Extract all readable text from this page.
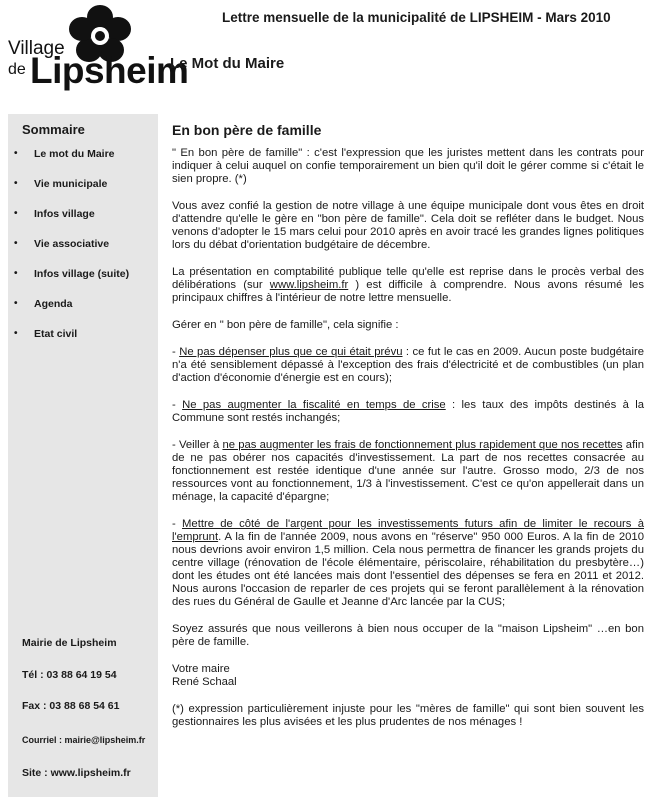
Village
de Lipsheim
Lettre mensuelle de la municipalité de LIPSHEIM - Mars 2010
Le Mot du Maire
Sommaire
•	Le mot du Maire
•	Vie municipale
•	Infos village
•	Vie associative
•	Infos village (suite)
•	Agenda
•	Etat civil
Mairie de Lipsheim
Tél : 03 88 64 19 54
Fax : 03 88 68 54 61
Courriel : mairie@lipsheim.fr
Site : www.lipsheim.fr
En bon père de famille

" En bon père de famille" : c'est l'expression que les juristes mettent dans les contrats pour indiquer à celui auquel on confie temporairement un bien qu'il doit le gérer comme si c'était le sien propre. (*)

Vous avez confié la gestion de notre village à une équipe municipale dont vous êtes en droit d'attendre qu'elle le gère en "bon père de famille". Cela doit se refléter dans le budget. Nous venons d'adopter le 15 mars celui pour 2010 après en avoir tracé les grandes lignes politiques lors du débat d'orientation budgétaire de décembre.

La présentation en comptabilité publique telle qu'elle est reprise dans le procès verbal des délibérations (sur www.lipsheim.fr ) est difficile à comprendre. Nous avons résumé les principaux chiffres à l'intérieur de notre lettre mensuelle.

Gérer en " bon père de famille", cela signifie :

- Ne pas dépenser plus que ce qui était prévu : ce fut le cas en 2009. Aucun poste budgétaire n'a été sensiblement dépassé à l'exception des frais d'électricité et de combustibles (un plan d'action d'économie d'énergie est en cours);
- Ne pas augmenter la fiscalité en temps de crise : les taux des impôts destinés à la Commune sont restés inchangés;
- Veiller à ne pas augmenter les frais de fonctionnement plus rapidement que nos recettes afin de ne pas obérer nos capacités d'investissement. La part de nos recettes consacrée au fonctionnement est restée identique d'une année sur l'autre. Grosso modo, 2/3 de nos ressources vont au fonctionnement, 1/3 à l'investissement. C'est ce qu'on appellerait dans un ménage, la capacité d'épargne;
- Mettre de côté de l'argent pour les investissements futurs afin de limiter le recours à l'emprunt. A la fin de l'année 2009, nous avons en "réserve" 950 000 Euros. A la fin de 2010 nous devrions avoir environ 1,5 million. Cela nous permettra de financer les grands projets du centre village (rénovation de l'école élémentaire, périscolaire, réhabilitation du presbytère…) dont les études ont été lancées mais dont l'essentiel des dépenses se fera en 2011 et 2012. Nous aurons l'occasion de reparler de ces projets qui se feront parallèlement à la rénovation des rues du Général de Gaulle et Jeanne d'Arc lancée par la CUS;

Soyez assurés que nous veillerons à bien nous occuper de la "maison Lipsheim" …en bon père de famille.

Votre maire
René Schaal

(*) expression particulièrement injuste pour les "mères de famille" qui sont bien souvent les gestionnaires les plus avisées et les plus prudentes de nos ménages !
